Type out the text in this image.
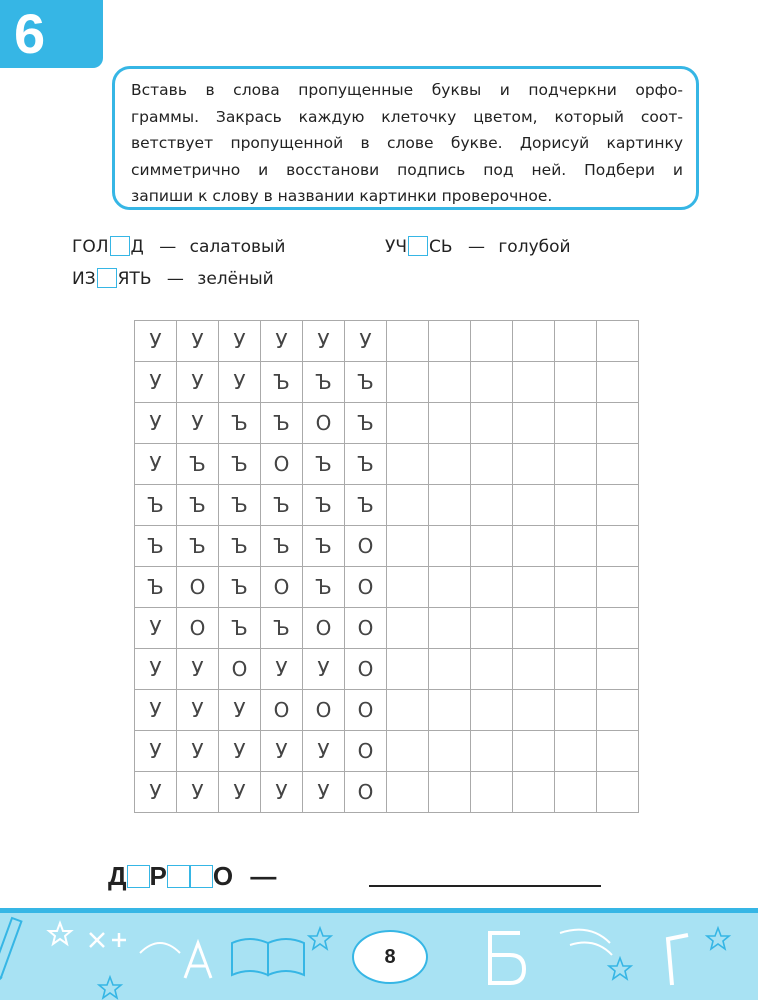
6
Вставь в слова пропущенные буквы и подчеркни орфо-
граммы. Закрась каждую клеточку цветом, который соот-
ветствует пропущенной в слове букве. Дорисуй картинку
симметрично и восстанови подпись под ней. Подбери и
запиши к слову в названии картинки проверочное.
ГОЛ Д — салатовый	УЧ СЬ — голубой
ИЗ ЯТЬ — зелёный
У	У	У	У	У	У						
У	У	У	Ъ	Ъ	Ъ						
У	У	Ъ	Ъ	О	Ъ						
У	Ъ	Ъ	О	Ъ	Ъ						
Ъ	Ъ	Ъ	Ъ	Ъ	Ъ						
Ъ	Ъ	Ъ	Ъ	Ъ	О						
Ъ	О	Ъ	О	Ъ	О						
У	О	Ъ	Ъ	О	О						
У	У	О	У	У	О						
У	У	У	О	О	О						
У	У	У	У	У	О						
У	У	У	У	У	О						
Д Р О —
8
